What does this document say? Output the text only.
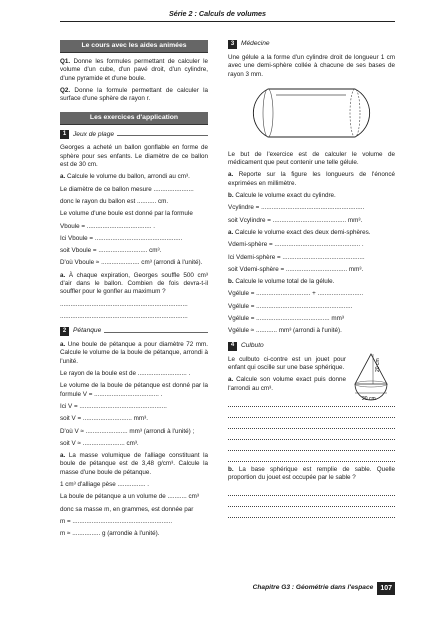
Série 2 : Calculs de volumes
Le cours avec les aides animées

Q1. Donne les formules permettant de calculer le volume d'un cube, d'un pavé droit, d'un cylindre, d'une pyramide et d'une boule.

Q2. Donne la formule permettant de calculer la surface d'une sphère de rayon r.

Les exercices d'application
1	Jeux de plage

Georges a acheté un ballon gonflable en forme de sphère pour ses enfants. Le diamètre de ce ballon est de 30 cm.

a. Calcule le volume du ballon, arrondi au cm³.

Le diamètre de ce ballon mesure .......................

donc le rayon du ballon est ........... cm.

Le volume d'une boule est donné par la formule

Vboule = ..................................... .

Ici Vboule = ..................................................

soit Vboule = ............................ cm³.

D'où Vboule ≈ ...................... cm³ (arrondi à l'unité).

a. À chaque expiration, Georges souffle 500 cm³ d'air dans le ballon. Combien de fois devra-t-il souffler pour le gonfler au maximum ?

.........................................................................

.........................................................................

2	Pétanque

a. Une boule de pétanque a pour diamètre 72 mm. Calcule le volume de la boule de pétanque, arrondi à l'unité.

Le rayon de la boule est de ............................ .

Le volume de la boule de pétanque est donné par la formule V = ..................................... .

Ici V = ..................................................

soit V = ............................ mm³.

D'où V ≈ ........................ mm³ (arrondi à l'unité) ;

soit V ≈ ........................ cm³.

a. La masse volumique de l'alliage constituant la boule de pétanque est de 3,48 g/cm³. Calcule la masse d'une boule de pétanque.

1 cm³ d'alliage pèse ................ .

La boule de pétanque a un volume de ........... cm³

donc sa masse m, en grammes, est donnée par

m = .........................................................

m ≈ ................ g (arrondie à l'unité).

3	Médecine

Une gélule a la forme d'un cylindre droit de longueur 1 cm avec une demi-sphère collée à chacune de ses bases de rayon 3 mm.

Le but de l'exercice est de calculer le volume de médicament que peut contenir une telle gélule.

a. Reporte sur la figure les longueurs de l'énoncé exprimées en millimètre.

b. Calcule le volume exact du cylindre.

Vcylindre = ...........................................................

soit Vcylindre = .......................................... mm³.

a. Calcule le volume exact des deux demi-sphères.

Vdemi-sphère = ................................................. .

Ici Vdemi-sphère = ...............................................

soit Vdemi-sphère = ................................... mm³.

b. Calcule le volume total de la gélule.

Vgélule = ............................... + ..........................

Vgélule = .......................................................

Vgélule = .......................................... mm³

Vgélule ≈ ............ mm³ (arrondi à l'unité).

4	Culbuto

Le culbuto ci-contre est un jouet pour enfant qui oscille sur une base sphérique.

a. Calcule son volume exact puis donne l'arrondi au cm³.

20 cm
20 cm

b. La base sphérique est remplie de sable. Quelle proportion du jouet est occupée par le sable ?

Chapitre G3 : Géométrie dans l'espace	107
